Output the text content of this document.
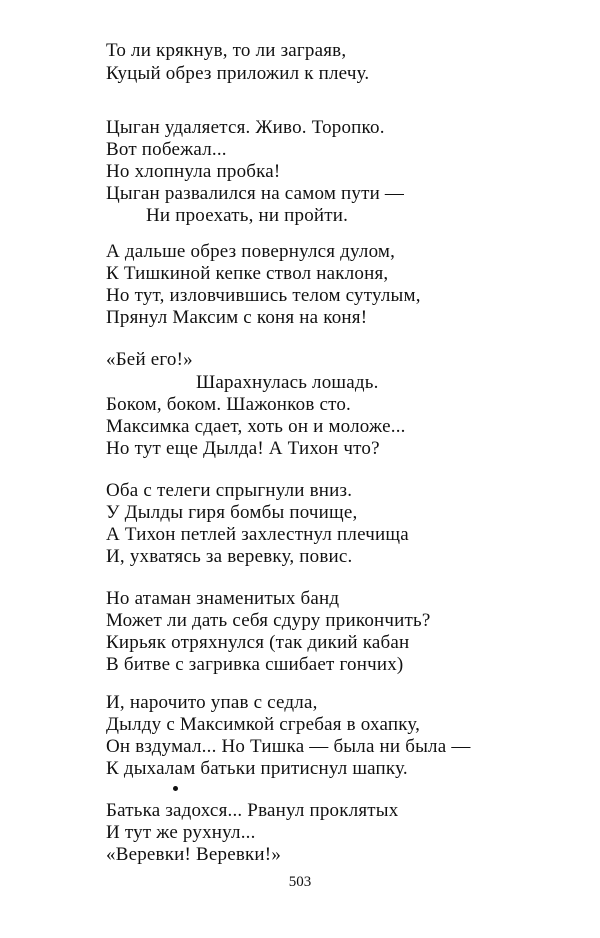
То ли крякнув, то ли заграяв,
Куцый обрез приложил к плечу.
Цыган удаляется. Живо. Торопко.
Вот побежал...
Но хлопнула пробка!
Цыган развалился на самом пути —
Ни проехать, ни пройти.
А дальше обрез повернулся дулом,
К Тишкиной кепке ствол наклоня,
Но тут, изловчившись телом сутулым,
Прянул Максим с коня на коня!
«Бей его!»
Шарахнулась лошадь.
Боком, боком. Шажонков сто.
Максимка сдает, хоть он и моложе...
Но тут еще Дылда! А Тихон что?
Оба с телеги спрыгнули вниз.
У Дылды гиря бомбы почище,
А Тихон петлей захлестнул плечища
И, ухватясь за веревку, повис.
Но атаман знаменитых банд
Может ли дать себя сдуру прикончить?
Кирьяк отряхнулся (так дикий кабан
В битве с загривка сшибает гончих)
И, нарочито упав с седла,
Дылду с Максимкой сгребая в охапку,
Он вздумал... Но Тишка — была ни была —
К дыхалам батьки притиснул шапку.
Батька задохся... Рванул проклятых
И тут же рухнул...
«Веревки! Веревки!»
503
